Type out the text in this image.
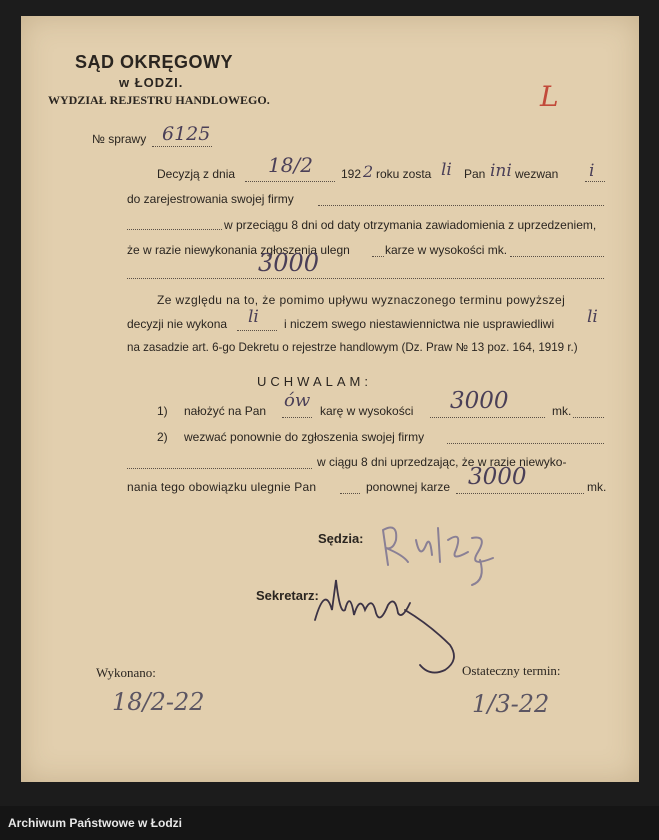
SĄD OKRĘGOWY
w ŁODZI.
WYDZIAŁ REJESTRU HANDLOWEGO.	L
№ sprawy 6125
Decyzją z dnia 18/2 192 2 roku zosta li Pan ini wezwan i
do zarejestrowania swojej firmy
w przeciągu 8 dni od daty otrzymania zawiadomienia z uprzedzeniem,
że w razie niewykonania zgłoszenia ulegn	karze w wysokości mk.
3000
Ze względu na to, że pomimo upływu wyznaczonego terminu powyższej
decyzji nie wykona li i niczem swego niestawiennictwa nie usprawiedliwi li
na zasadzie art. 6-go Dekretu o rejestrze handlowym (Dz. Praw № 13 poz. 164, 1919 r.)
UCHWALAM:
1) nałożyć na Pan ów karę w wysokości 3000	mk.
2) wezwać ponownie do zgłoszenia swojej firmy
w ciągu 8 dni uprzedzając, że w razie niewyko-
nania tego obowiązku ulegnie Pan	ponownej karze 3000	mk.
Sędzia:
Sekretarz:
Wykonano:
18/2-22
Ostateczny termin:
1/3-22
Archiwum Państwowe w Łodzi
